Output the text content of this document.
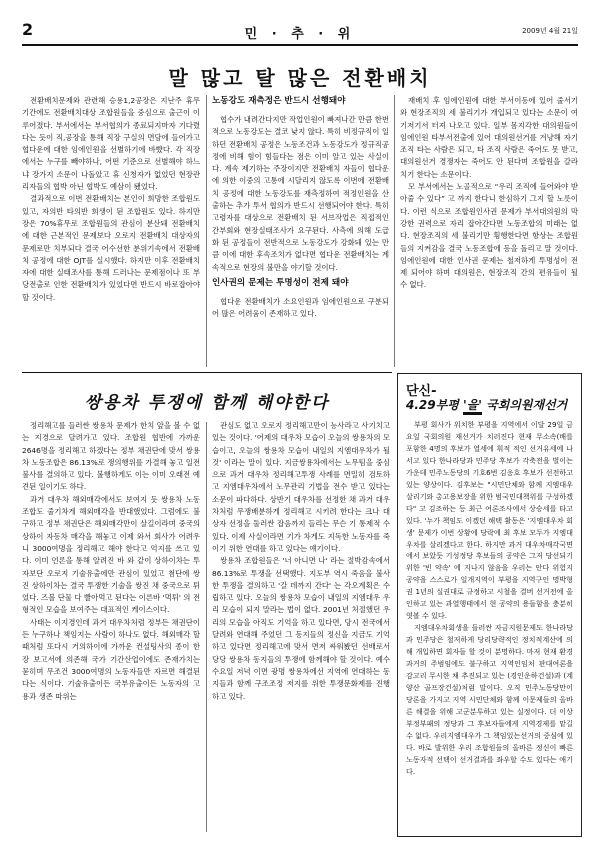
2	민 · 추 · 위	2009년 4월 21일
말 많고 탈 많은 전환배치

전환배치문제와 관련해 승용1,2공장은 지난주 휴무기간에도 전환배치대상 조합원들을 중심으로 출근이 이루어졌다. 부서에서는 부서협의가 종료되지마자 기다렸다는 듯이 직,공장을 통해 직장 구실의 면담에 들어가고 협다운에 대한 임에인원을 선별하기에 바빴다. 각 직장에서는 누구를 빼야하나, 어떤 기준으로 선별해야 하느냐 장가지 소문이 나돌았고 휴 신청자가 없었던 현장관리자들의 협박 아닌 협박도 예삼이 됐었다.

결과적으로 이번 전환배치는 본인이 희망한 조합원도 있고, 자의반 타의반 희생이 된 조합원도 있다. 하지만 장은 70%휴무로 조합원들의 관심이 분산돼 전환배치에 대한 근본적인 문제보다 오로지 전환배치 대상자의 문제로만 치부되다 결국 어수선한 분위기속에서 전환배치 공정에 대한 OJT를 실시했다. 하지만 이후 전환배치자에 대한 실태조사를 통해 드러나는 문제점이나 또 부당전출로 인한 전환배치가 있었다면 반드시 바로잡아야 할 것이다.

노동강도 재측정은 반드시 선행돼야

협수가 내려간다지만 작업인원이 빠져나간 만큼 한번적으로 노동강도는 결코 낮지 않다. 특히 비정규직이 일하던 전환배치 공정은 노동조건과 노동강도가 정규직공정에 비해 힘이 힘들다는 점은 이미 알고 있는 사실이다. 계속 제기하는 주장이지만 전환배치 자들이 협다운에 의한 이중의 고통에 시달리지 않도록 이번에 전환배치 공정에 대한 노동강도를 재측정하여 적정인원을 산출하는 추가 투서 협의가 반드시 선행되어야 한다. 특히 고령자를 대상으로 전환배치 된 서브작업은 직접적인 간부회와 현장실태조사가 요구된다. 사측에 의해 도급화 된 공정들이 전반적으로 노동강도가 강화돼 있는 만큼 이에 대한 후속조치가 없다면 협다운 전환배치는 계속적으로 현장의 불만을 야기할 것이다.

인사권의 문제는 투명성이 전제 돼야

협다운 전환배치가 소요인원과 임에인원으로 구분되어 많은 어려움이 존재하고 있다.

재배치 후 임에인원에 대한 부서이동에 있어 줄서기와 현장조직의 세 불리기가 개입되고 있다는 소문이 여기저기서 터져 나오고 있다. 일부 몸지각한 대의원들이 임에인원 타부서전출에 있어 대의원선거를 겨냥해 자기조직 타는 사람은 되고, 타 조직 사람은 죽어도 못 받고, 대의원선거 경쟁자는 죽어도 안 된다며 조합원을 갈라치기 한다는 소문이다.

모 부서에서는 노골적으로 “우리 조직에 들어와야 받아줄 수 있다” 고 까지 한다니 한심하기 그지 할 노릇이다. 이런 식으로 조합원인사권 문제가 부서대의원의 막강한 권력으로 자리 잡아간다면 노동조합의 미래는 없다. 현장조직의 세 불리기만 횡행한다면 항상는 조합원들의 지켜감을 결국 노동조합에 등을 돌리고 말 것이다. 임에인원에 대한 인사권 문제는 철저하게 투명성이 전제 되어야 하며 대의원은, 현장조직 간의 편유들이 될 수 없다.

쌍용차 투쟁에 함께 해야한다

정리해고를 들러싼 쌍용차 문제가 한치 앞을 볼 수 없는 지경으로 달려가고 있다. 조합원 협반에 가까운 2646명을 정리해고 하겠다는 정부 채권단에 맞서 쌍용차 노동조합은 86.13%로 쟁의행위를 가결해 놓고 일전 불사를 결의하고 있다. 불행하게도 이는 이미 오래전 예견된 일이기도 하다.

과거 대우차 해외매각에서도 보여지 듯 쌍용차 노동조합도 줄기차게 해외매각을 반대했었다. 그럼에도 불구하고 정부 채권단은 해외매각만이 살길이라며 중국의 상하이 자동차 매각을 해놓고 이제 와서 회사가 어려우니 3000여명을 정리해고 해야 한다고 억지를 쓰고 있다. 이미 언론을 통해 알려진 바 와 같이 상하이차는 투자보단 오로지 기술유출에만 관심이 있었고 첨단에 쌍진 상하이차는 결국 투쟁한 기술을 쌍진 채 중국으로 튀었다. 즈블 단물 다 빨아먹고 된다는 이른바 '먹튀' 의 전형적인 모습을 보여주는 대표적인 케이스이다.

사태는 이지경인데 과거 대우차처럼 정부든 채권단이든 누구하나 책임지는 사람이 하나도 없다. 해외매각 할 때처럼 또다시 거의하이에 가까운 컨설팅사의 종이 한 장 보고서에 의존해 국가 기간산업이에도 존재가치는 묻히며 무조건 3000여명의 노동자들만 자르면 해결된다는 식이다. 기술유출이든 국부유출이든 노동자의 고용과 생존 따위는

관심도 없고 오로지 정리해고만이 능사라고 사기치고 있는 것이다. '어제의 대우차 모습이 오늘의 쌍용차의 모습이고, 오늘의 쌍용차 모습이 내일의 지엠대우차가 될 것' 이라는 말이 있다. 지금쌍용차에서는 노무팀을 중심으로 과거 대우차 정리해고투쟁 사례를 면밀히 검토하고 지엠대우차에서 노무관리 기법을 전수 받고 있다는 소문이 파다하다. 상반기 대우차를 선정한 채 과거 대우차처럼 무쟁배분하게 정리해고 시키려 한다는 크나 대상자 선정을 둘러싼 잡음까지 들리는 무슨 기 통제적 수 있다. 이제 사실이라면 기가 차게도 지독한 노동자를 죽이기 위한 연대를 하고 있다는 얘기이다.

쌍용차 조합원들은 '너 아니면 나' 라는 절박감속에서 86.13%로 투쟁을 선택했다. 지도부 역시 죽음을 불사한 투쟁을 결의하고 '갈 데까지 간다' 는 각오계획은 수립하고 있다. 오늘의 쌍용차 모습이 내일의 지엠대우 우리 모습이 되지 말라는 법이 없다. 2001년 처절했던 우리의 모습을 아직도 기억을 하고 있다면, 당시 전국에서 달려와 연대해 주었던 그 동지들의 정신을 지금도 기억 하고 있다면 정리해고에 맞서 면저 싸워봤던 선배로서 당당 쌍용차 동지들의 투쟁에 함께해야 할 것이다. 예수 수요일 저녁 이면 광명 쌍용차에선 지역에 연대하는 동지들과 함께 구조조정 저지를 위한 투쟁문화제를 진행하고 있다.

단신-
4.29부평 '을' 국회의원재선거

부평 회사가 위치한 부평을 지역에서 이달 29일 금요일 국회의원 재선거가 치러진다 현재 무소속(배를 포함한 4명의 후보가 열세에 휘적 적인 선거유세에 나서고 있다 한나라당과 민주당 후보가 각축전을 벌이는 가운데 민주노동당의 기호6번 김응호 후보가 선전하고 있는 양상이다. 김후보는 "시민단체와 함께 지엠대우살리기와 총고용보장을 위한 범국민대책위를 구성하겠다" 고 김조하는 등 최근 여론조사에서 상승세를 타고 있다. '누가 책임도 이겠던 해택 활동은 '지엠대우차 회생' 문제가 이번 상황에 당락에 최 후보 모두가 지엠대우차를 살리겠다고 한다. 하지만 과거 대우차매각국면에서 보았듯 기성정당 후보들의 공약은 그저 당선되기 위한 '빈 약속' 에 지나지 않음을 우리는 안다 위험지 공약을 스스로가 일개지역이 부평을 지역구인 명박형권 1년의 실권대로 규정하고 시철을 결버 선거전에 올인하고 있는 과열행태에서 현 공약의 용들함을 충분히 엿볼 수 있다.

지엠대우차회생을 들러싼 자금지원문제도 한나라당과 민주당은 철저하게 당리당략적인 정치적계산에 의해 개입하면 회자들 할 것이 분명하다. 마저 현재 환경과거의 주범임에도 불구하고 지역인임처 판대여론을 감고리 무시한 채 추진되고 있는 (경인운하건설)과 (계양산 골프장건설)처럼 말이다. 오직 민주노동당만이 당론을 가지고 지역 시민단체와 함께 이문제들의 올바른 해결을 위해 고군분투하고 있는 실정이다. 더 이상 부정부패의 정당과 그 후보자들에게 지역경제를 맡길 수 없다. 우리지엠대우가 그 책임있는선거의 중심에 있다. 바로 발위한 우리 조합원들의 올바른 정신이 빠른 노동자적 선택이 선거결과를 좌우할 수도 있다는 애기다.
